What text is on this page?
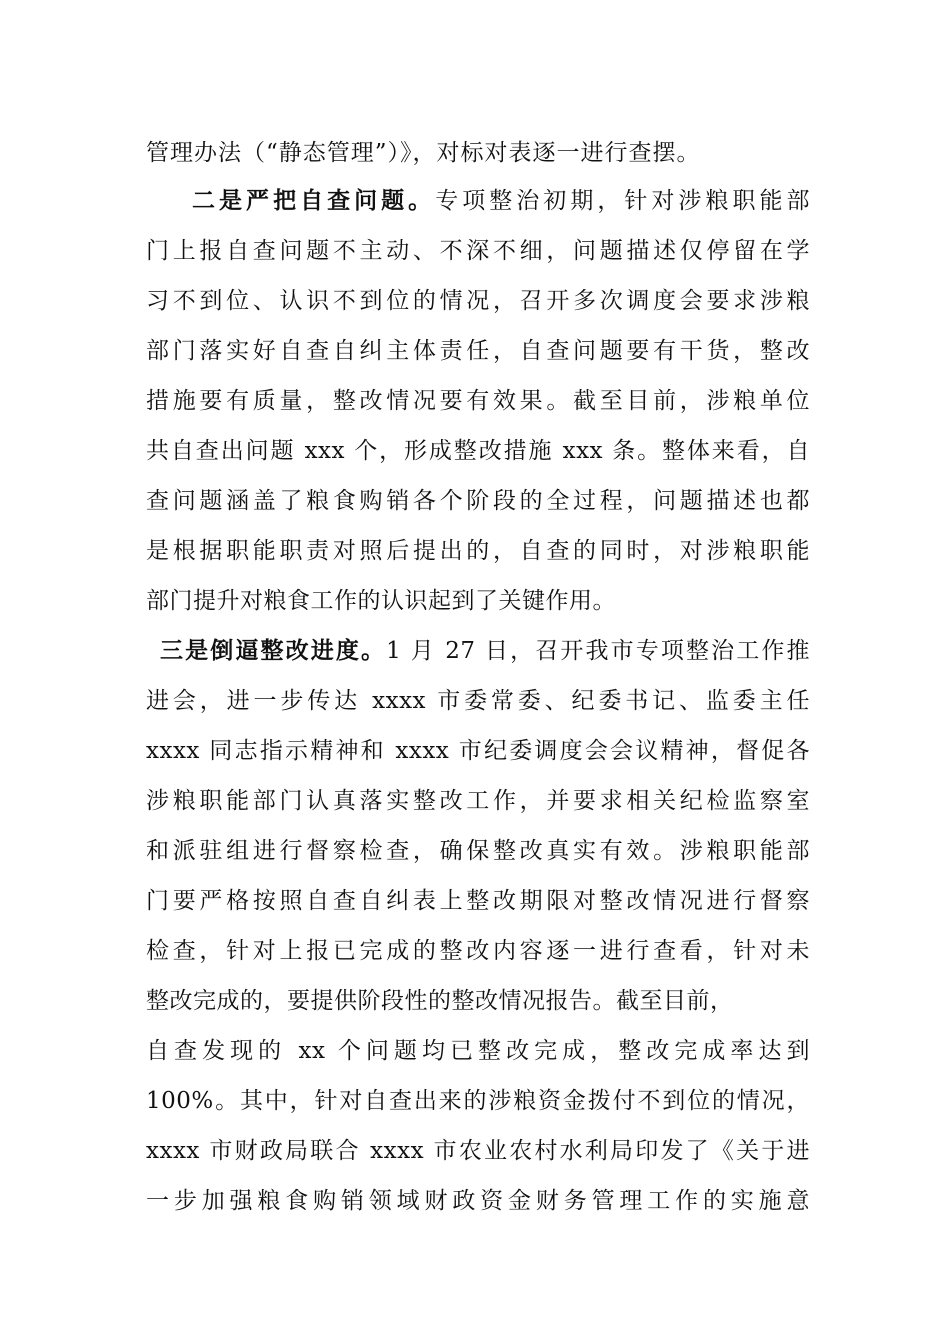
管理办法（“静态管理”）》，对标对表逐一进行查摆。
二是严把自查问题。专项整治初期，针对涉粮职能部
门上报自查问题不主动、不深不细，问题描述仅停留在学
习不到位、认识不到位的情况，召开多次调度会要求涉粮
部门落实好自查自纠主体责任，自查问题要有干货，整改
措施要有质量，整改情况要有效果。截至目前，涉粮单位
共自查出问题 xxx 个，形成整改措施 xxx 条。整体来看，自
查问题涵盖了粮食购销各个阶段的全过程，问题描述也都
是根据职能职责对照后提出的，自查的同时，对涉粮职能
部门提升对粮食工作的认识起到了关键作用。
三是倒逼整改进度。1 月 27 日，召开我市专项整治工作推
进会，进一步传达 xxxx 市委常委、纪委书记、监委主任
xxxx 同志指示精神和 xxxx 市纪委调度会会议精神，督促各
涉粮职能部门认真落实整改工作，并要求相关纪检监察室
和派驻组进行督察检查，确保整改真实有效。涉粮职能部
门要严格按照自查自纠表上整改期限对整改情况进行督察
检查，针对上报已完成的整改内容逐一进行查看，针对未
整改完成的，要提供阶段性的整改情况报告。截至目前，
自查发现的 xx 个问题均已整改完成，整改完成率达到
100%。其中，针对自查出来的涉粮资金拨付不到位的情况，
xxxx 市财政局联合 xxxx 市农业农村水利局印发了《关于进
一步加强粮食购销领域财政资金财务管理工作的实施意
